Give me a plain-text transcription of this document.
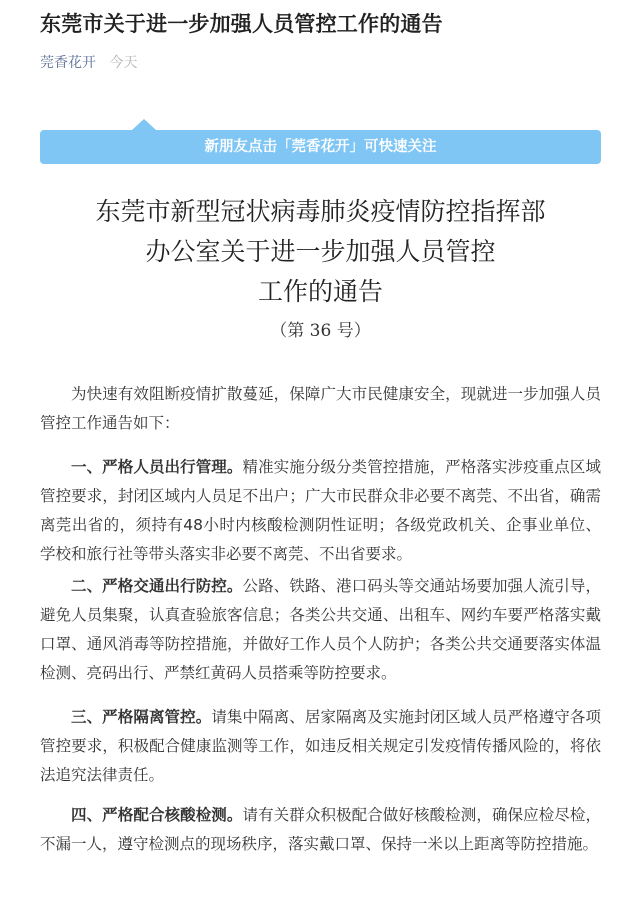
东莞市关于进一步加强人员管控工作的通告
莞香花开 今天
新朋友点击「莞香花开」可快速关注
东莞市新型冠状病毒肺炎疫情防控指挥部
办公室关于进一步加强人员管控
工作的通告
（第 36 号）

为快速有效阻断疫情扩散蔓延，保障广大市民健康安全，现就进一步加强人员管控工作通告如下：

一、严格人员出行管理。精准实施分级分类管控措施，严格落实涉疫重点区域管控要求，封闭区域内人员足不出户；广大市民群众非必要不离莞、不出省，确需离莞出省的，须持有48小时内核酸检测阴性证明；各级党政机关、企事业单位、学校和旅行社等带头落实非必要不离莞、不出省要求。

二、严格交通出行防控。公路、铁路、港口码头等交通站场要加强人流引导，避免人员集聚，认真查验旅客信息；各类公共交通、出租车、网约车要严格落实戴口罩、通风消毒等防控措施，并做好工作人员个人防护；各类公共交通要落实体温检测、亮码出行、严禁红黄码人员搭乘等防控要求。

三、严格隔离管控。请集中隔离、居家隔离及实施封闭区域人员严格遵守各项管控要求，积极配合健康监测等工作，如违反相关规定引发疫情传播风险的，将依法追究法律责任。

四、严格配合核酸检测。请有关群众积极配合做好核酸检测，确保应检尽检，不漏一人，遵守检测点的现场秩序，落实戴口罩、保持一米以上距离等防控措施。
